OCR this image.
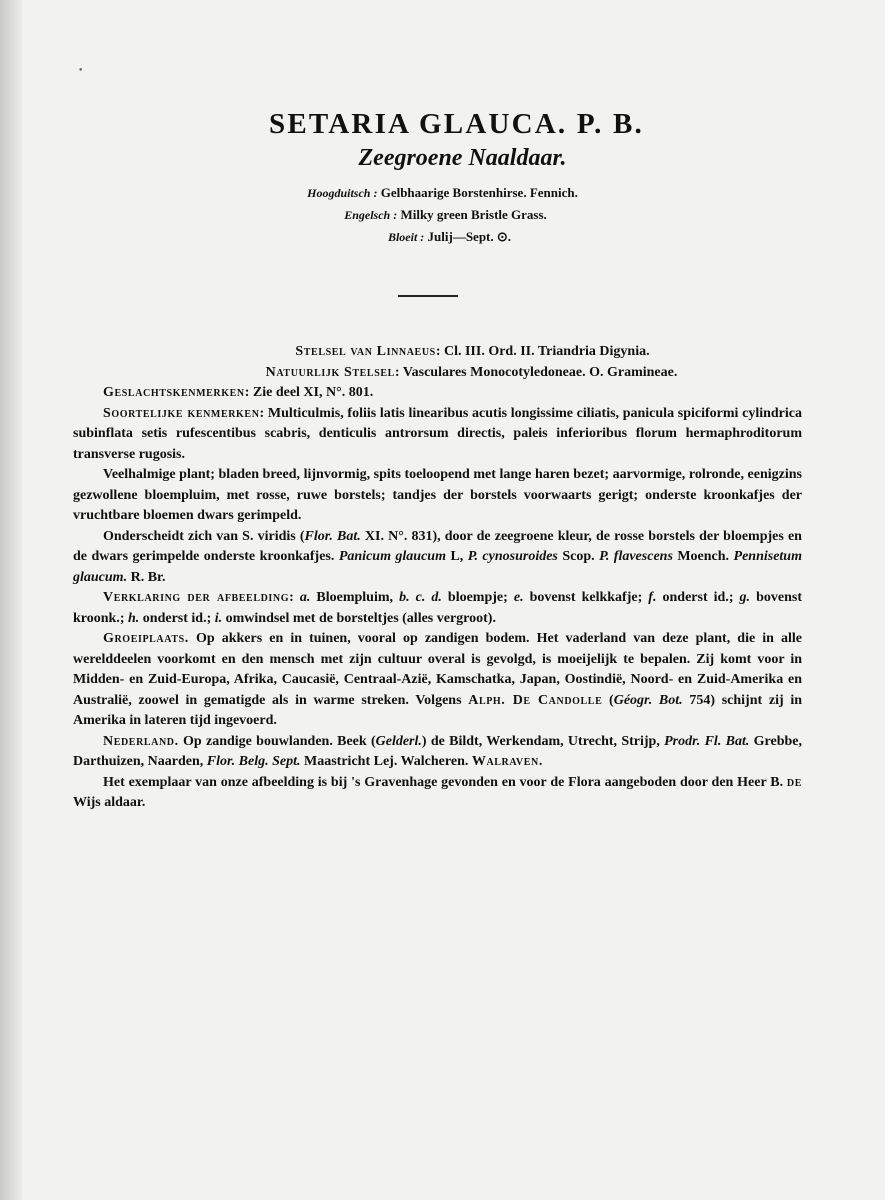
•
SETARIA GLAUCA. P. B.
Zeegroene Naaldaar.
Hoogduitsch : Gelbhaarige Borstenhirse. Fennich.
Engelsch : Milky green Bristle Grass.
Bloeit : Julij—Sept. ⊙.

Stelsel van Linnaeus: Cl. III. Ord. II. Triandria Digynia.

Natuurlijk Stelsel: Vasculares Monocotyledoneae. O. Gramineae.

Geslachtskenmerken: Zie deel XI, N°. 801.

Soortelijke kenmerken: Multiculmis, foliis latis linearibus acutis longissime ciliatis, panicula spiciformi cylindrica subinflata setis rufescentibus scabris, denticulis antrorsum directis, paleis inferioribus florum hermaphroditorum transverse rugosis.

Veelhalmige plant; bladen breed, lijnvormig, spits toeloopend met lange haren bezet; aarvormige, rolronde, eenigzins gezwollene bloempluim, met rosse, ruwe borstels; tandjes der borstels voorwaarts gerigt; onderste kroonkafjes der vruchtbare bloemen dwars gerimpeld.

Onderscheidt zich van S. viridis (Flor. Bat. XI. N°. 831), door de zeegroene kleur, de rosse borstels der bloempjes en de dwars gerimpelde onderste kroonkafjes. Panicum glaucum L, P. cynosuroides Scop. P. flavescens Moench. Pennisetum glaucum. R. Br.

Verklaring der afbeelding: a. Bloempluim, b. c. d. bloempje; e. bovenst kelkkafje; f. onderst id.; g. bovenst kroonk.; h. onderst id.; i. omwindsel met de borsteltjes (alles vergroot).

Groeiplaats. Op akkers en in tuinen, vooral op zandigen bodem. Het vaderland van deze plant, die in alle werelddeelen voorkomt en den mensch met zijn cultuur overal is gevolgd, is moeijelijk te bepalen. Zij komt voor in Midden- en Zuid-Europa, Afrika, Caucasië, Centraal-Azië, Kamschatka, Japan, Oostindië, Noord- en Zuid-Amerika en Australië, zoowel in gematigde als in warme streken. Volgens Alph. De Candolle (Géogr. Bot. 754) schijnt zij in Amerika in lateren tijd ingevoerd.

Nederland. Op zandige bouwlanden. Beek (Gelderl.) de Bildt, Werkendam, Utrecht, Strijp, Prodr. Fl. Bat. Grebbe, Darthuizen, Naarden, Flor. Belg. Sept. Maastricht Lej. Walcheren. Walraven.

Het exemplaar van onze afbeelding is bij 's Gravenhage gevonden en voor de Flora aangeboden door den Heer B. de Wijs aldaar.
